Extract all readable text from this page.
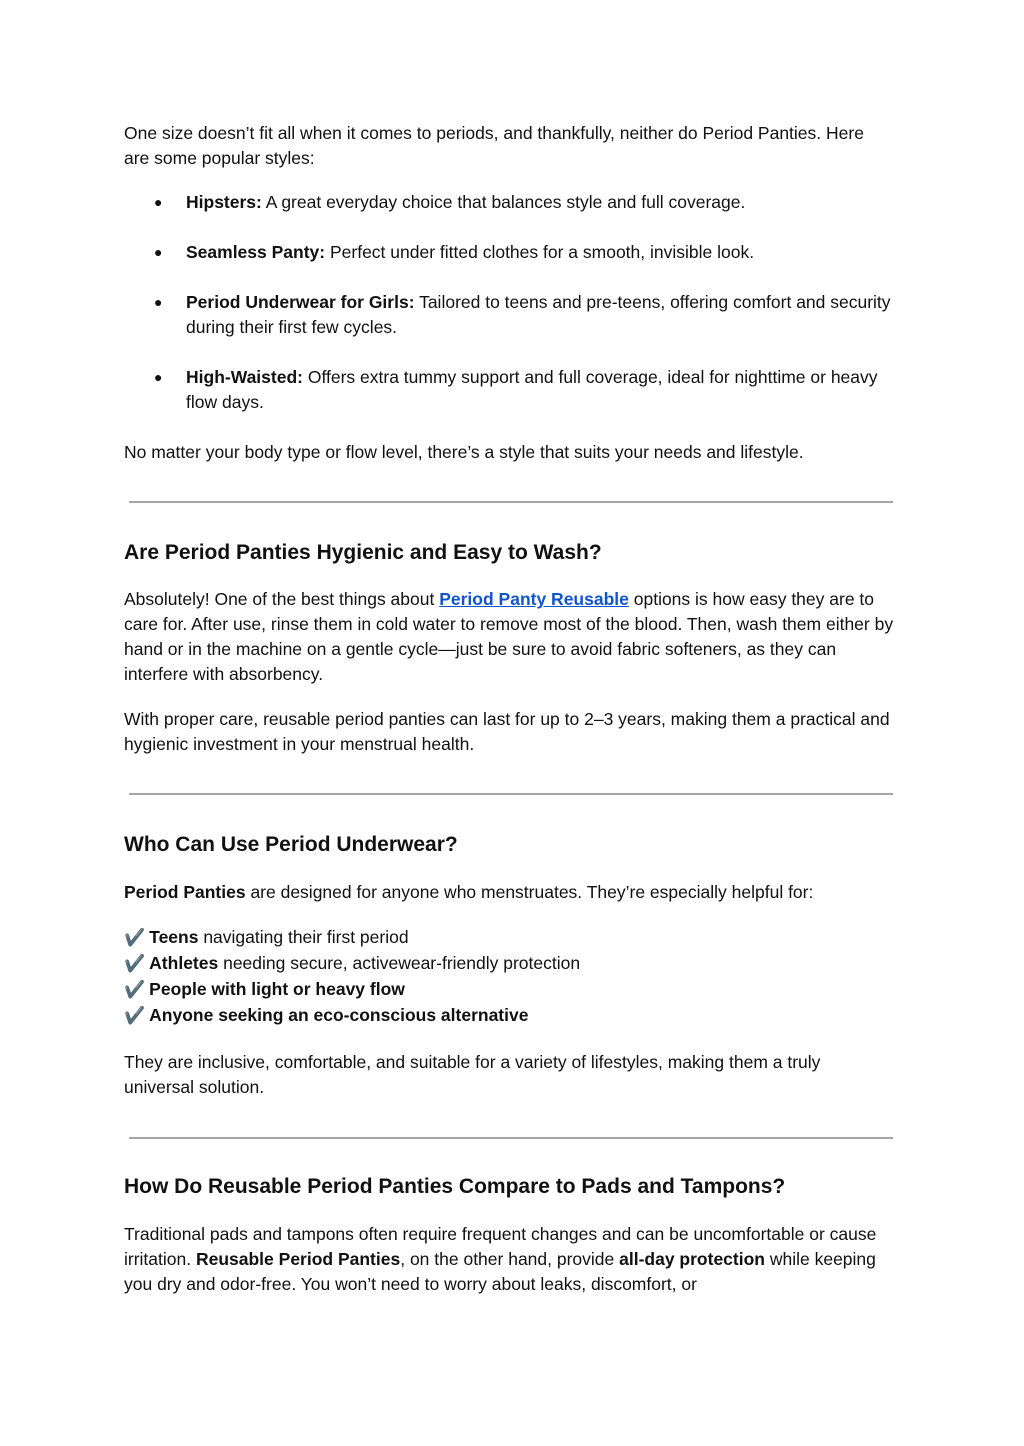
One size doesn’t fit all when it comes to periods, and thankfully, neither do Period Panties. Here are some popular styles:

● Hipsters: A great everyday choice that balances style and full coverage.
● Seamless Panty: Perfect under fitted clothes for a smooth, invisible look.
● Period Underwear for Girls: Tailored to teens and pre-teens, offering comfort and security during their first few cycles.
● High-Waisted: Offers extra tummy support and full coverage, ideal for nighttime or heavy flow days.

No matter your body type or flow level, there’s a style that suits your needs and lifestyle.

Are Period Panties Hygienic and Easy to Wash?

Absolutely! One of the best things about Period Panty Reusable options is how easy they are to care for. After use, rinse them in cold water to remove most of the blood. Then, wash them either by hand or in the machine on a gentle cycle—just be sure to avoid fabric softeners, as they can interfere with absorbency.

With proper care, reusable period panties can last for up to 2–3 years, making them a practical and hygienic investment in your menstrual health.

Who Can Use Period Underwear?

Period Panties are designed for anyone who menstruates. They’re especially helpful for:

✔️ Teens navigating their first period
✔️ Athletes needing secure, activewear-friendly protection
✔️ People with light or heavy flow
✔️ Anyone seeking an eco-conscious alternative

They are inclusive, comfortable, and suitable for a variety of lifestyles, making them a truly universal solution.

How Do Reusable Period Panties Compare to Pads and Tampons?

Traditional pads and tampons often require frequent changes and can be uncomfortable or cause irritation. Reusable Period Panties, on the other hand, provide all-day protection while keeping you dry and odor-free. You won’t need to worry about leaks, discomfort, or
